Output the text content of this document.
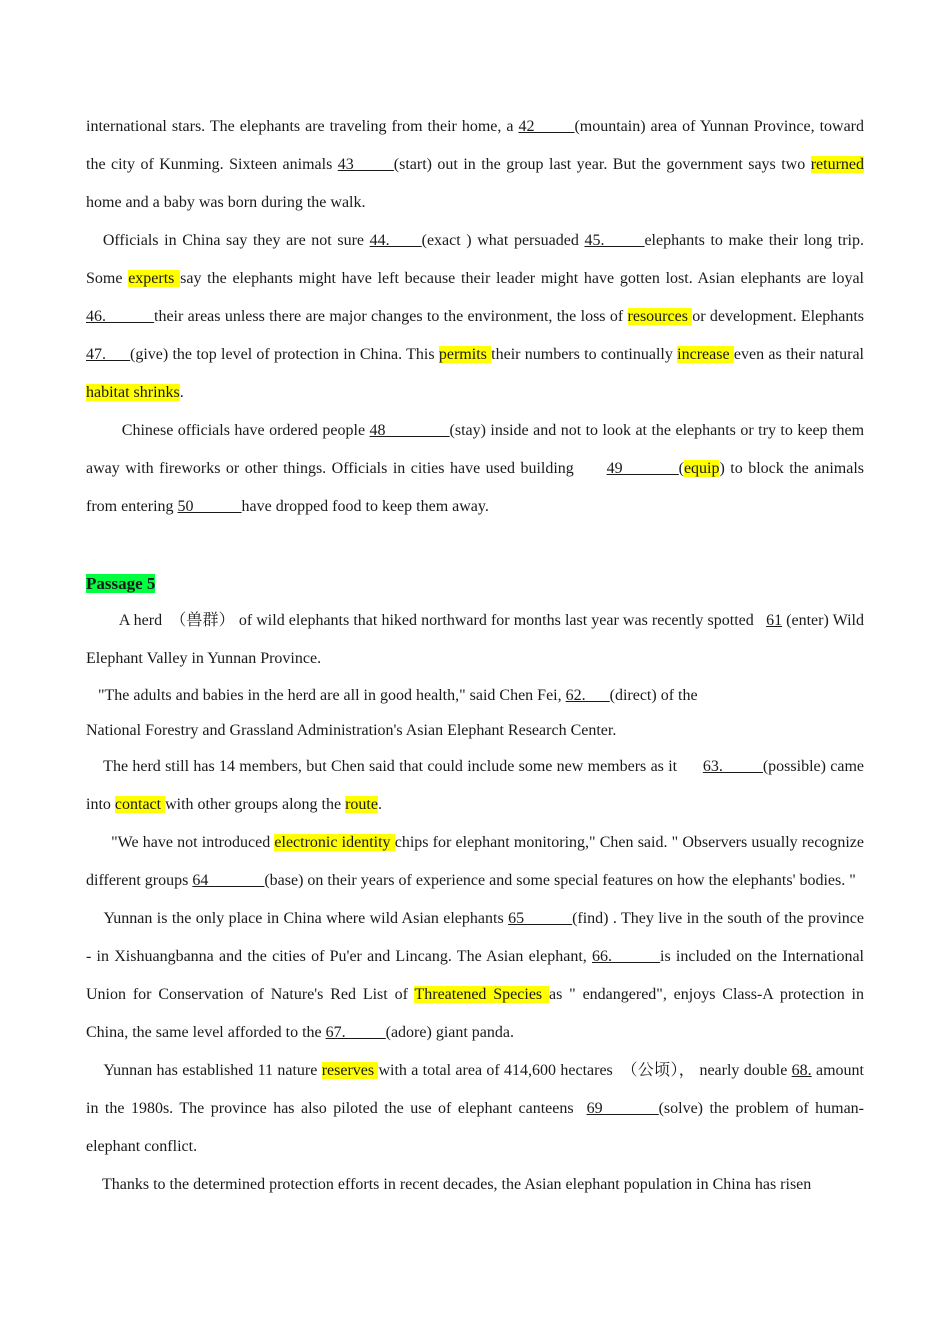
international stars. The elephants are traveling from their home, a 42_____(mountain) area of Yunnan Province, toward the city of Kunming. Sixteen animals 43_____(start) out in the group last year. But the government says two returned home and a baby was born during the walk.

Officials in China say they are not sure 44.____(exact ) what persuaded 45._____elephants to make their long trip. Some experts say the elephants might have left because their leader might have gotten lost. Asian elephants are loyal 46.______their areas unless there are major changes to the environment, the loss of resources or development. Elephants 47.___(give) the top level of protection in China. This permits their numbers to continually increase even as their natural habitat shrinks.

Chinese officials have ordered people 48________(stay) inside and not to look at the elephants or try to keep them away with fireworks or other things. Officials in cities have used building      49_______(equip) to block the animals from entering 50______have dropped food to keep them away.

Passage 5

A herd  （兽群） of wild elephants that hiked northward for months last year was recently spotted   61 (enter) Wild Elephant Valley in Yunnan Province.

"The adults and babies in the herd are all in good health," said Chen Fei, 62.___(direct) of the

National Forestry and Grassland Administration's Asian Elephant Research Center.

The herd still has 14 members, but Chen said that could include some new members as it      63._____(possible) came into contact with other groups along the route.

"We have not introduced electronic identity chips for elephant monitoring," Chen said. " Observers usually recognize different groups 64_______(base) on their years of experience and some special features on how the elephants' bodies. "

Yunnan is the only place in China where wild Asian elephants 65______(find) . They live in the south of the province - in Xishuangbanna and the cities of Pu'er and Lincang. The Asian elephant, 66.______is included on the International Union for Conservation of Nature's Red List of Threatened Species as " endangered", enjoys Class-A protection in China, the same level afforded to the 67._____(adore) giant panda.

Yunnan has established 11 nature reserves with a total area of 414,600 hectares  （公顷）， nearly double 68. amount in the 1980s. The province has also piloted the use of elephant canteens  69_______(solve) the problem of human-elephant conflict.

Thanks to the determined protection efforts in recent decades, the Asian elephant population in China has risen
